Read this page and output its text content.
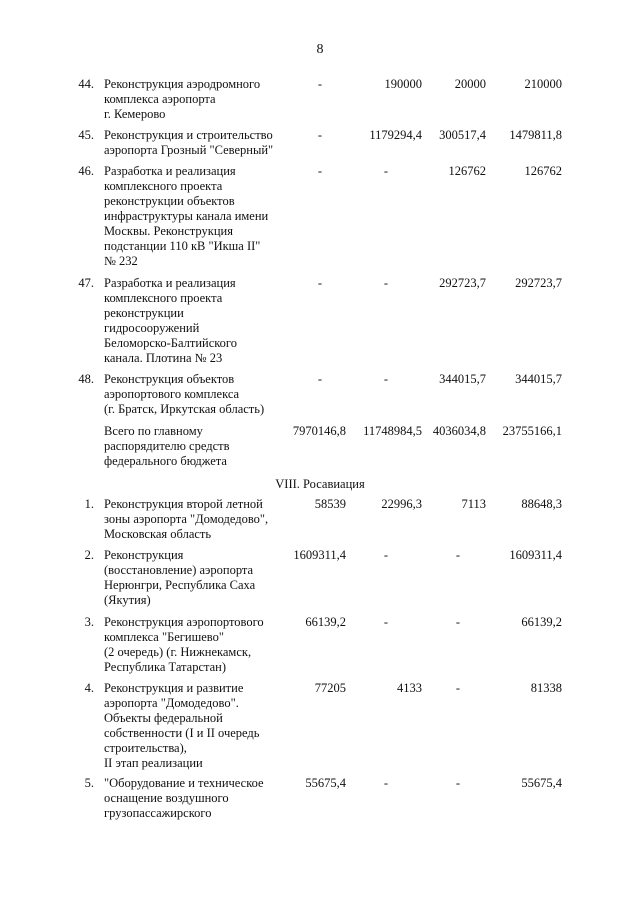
8
44. Реконструкция аэродромного
комплекса аэропорта
г. Кемерово
-	190000	20000	210000
45. Реконструкция и строительство
аэропорта Грозный "Северный"
-	1179294,4	300517,4	1479811,8
46. Разработка и реализация
комплексного проекта
реконструкции объектов
инфраструктуры канала имени
Москвы. Реконструкция
подстанции 110 кВ "Икша II"
№ 232
-	-	126762	126762
47. Разработка и реализация
комплексного проекта
реконструкции
гидросооружений
Беломорско-Балтийского
канала. Плотина № 23
-	-	292723,7	292723,7
48. Реконструкция объектов
аэропортового комплекса
(г. Братск, Иркутская область)
-	-	344015,7	344015,7
Всего по главному
распорядителю средств
федерального бюджета
7970146,8	11748984,5 4036034,8	23755166,1
VIII. Росавиация
1. Реконструкция второй летной
зоны аэропорта "Домодедово",
Московская область
58539	22996,3	7113	88648,3
2. Реконструкция
(восстановление) аэропорта
Нерюнгри, Республика Саха
(Якутия)
1609311,4	-	-	1609311,4
3. Реконструкция аэропортового
комплекса "Бегишево"
(2 очередь) (г. Нижнекамск,
Республика Татарстан)
66139,2	-	-	66139,2
4. Реконструкция и развитие
аэропорта "Домодедово".
Объекты федеральной
собственности (I и II очередь
строительства),
II этап реализации
77205	4133	-	81338
5. "Оборудование и техническое
оснащение воздушного
грузопассажирского
55675,4	-	-	55675,4
